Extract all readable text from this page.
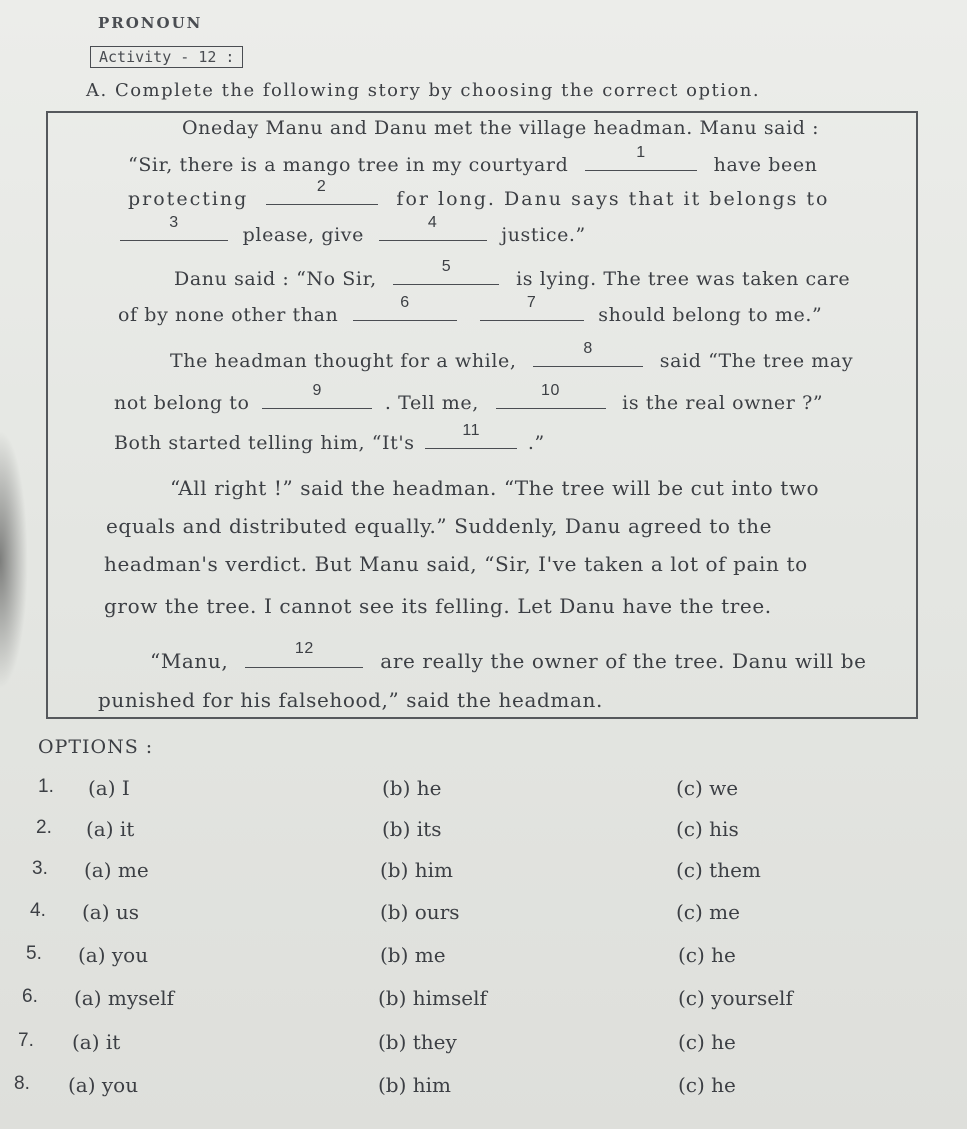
PRONOUN
Activity - 12 :
A. Complete the following story by choosing the correct option.
Oneday Manu and Danu met the village headman. Manu said :
“Sir, there is a mango tree in my courtyard
1
have been
protecting
2
for long. Danu says that it belongs to
3
please, give
4
justice.”
Danu said : “No Sir,
5
is lying. The tree was taken care
of by none other than
6
	7
should belong to me.”
The headman thought for a while,
8
said “The tree may
not belong to
9
. Tell me,
10
is the real owner ?”
Both started telling him, “It's
11
.”
“All right !” said the headman. “The tree will be cut into two
equals and distributed equally.” Suddenly, Danu agreed to the
headman's verdict. But Manu said, “Sir, I've taken a lot of pain to
grow the tree. I cannot see its felling. Let Danu have the tree.
“Manu,
12
are really the owner of the tree. Danu will be
punished for his falsehood,” said the headman.
OPTIONS :
1. (a) I	(b) he	(c) we
2. (a) it	(b) its	(c) his
3. (a) me	(b) him	(c) them
4. (a) us	(b) ours	(c) me
5. (a) you	(b) me	(c) he
6. (a) myself	(b) himself	(c) yourself
7. (a) it	(b) they	(c) he
8. (a) you	(b) him	(c) he
